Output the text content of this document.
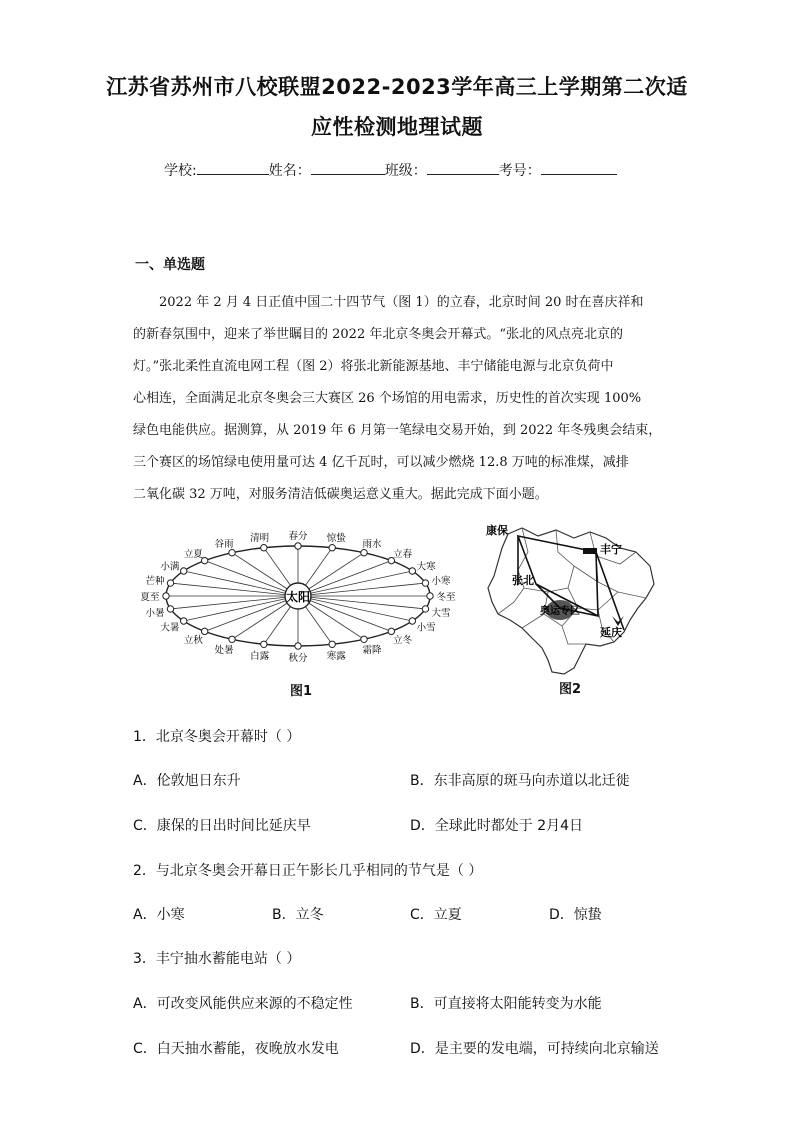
江苏省苏州市八校联盟2022-2023学年高三上学期第二次适
应性检测地理试题
学校:	姓名：	班级：	考号：
一、单选题
2022 年 2 月 4 日正值中国二十四节气（图 1）的立春，北京时间 20 时在喜庆祥和
的新春氛围中，迎来了举世瞩目的 2022 年北京冬奥会开幕式。“张北的风点亮北京的
灯。”张北柔性直流电网工程（图 2）将张北新能源基地、丰宁储能电源与北京负荷中
心相连，全面满足北京冬奥会三大赛区 26 个场馆的用电需求，历史性的首次实现 100%
绿色电能供应。据测算，从 2019 年 6 月第一笔绿电交易开始，到 2022 年冬残奥会结束，
三个赛区的场馆绿电使用量可达 4 亿千瓦时，可以减少燃烧 12.8 万吨的标准煤，减排
二氧化碳 32 万吨，对服务清洁低碳奥运意义重大。据此完成下面小题。
太阳
春分 惊蛰
雨水
立春
大寒
小寒
冬至
大雪
小雪
立冬
霜降
寒露
秋分
白露
处暑
立秋
大暑
小暑
夏至
芒种
小满
立夏
谷雨
清明
图1
康保
丰宁
张北
奥运专区
延庆
图2
1．北京冬奥会开幕时（ ）
A．伦敦旭日东升	B．东非高原的斑马向赤道以北迁徙
C．康保的日出时间比延庆早	D．全球此时都处于 2月4日
2．与北京冬奥会开幕日正午影长几乎相同的节气是（ ）
A．小寒	B．立冬	C．立夏	D．惊蛰
3．丰宁抽水蓄能电站（ ）
A．可改变风能供应来源的不稳定性	B．可直接将太阳能转变为水能
C．白天抽水蓄能，夜晚放水发电	D．是主要的发电端，可持续向北京输送
